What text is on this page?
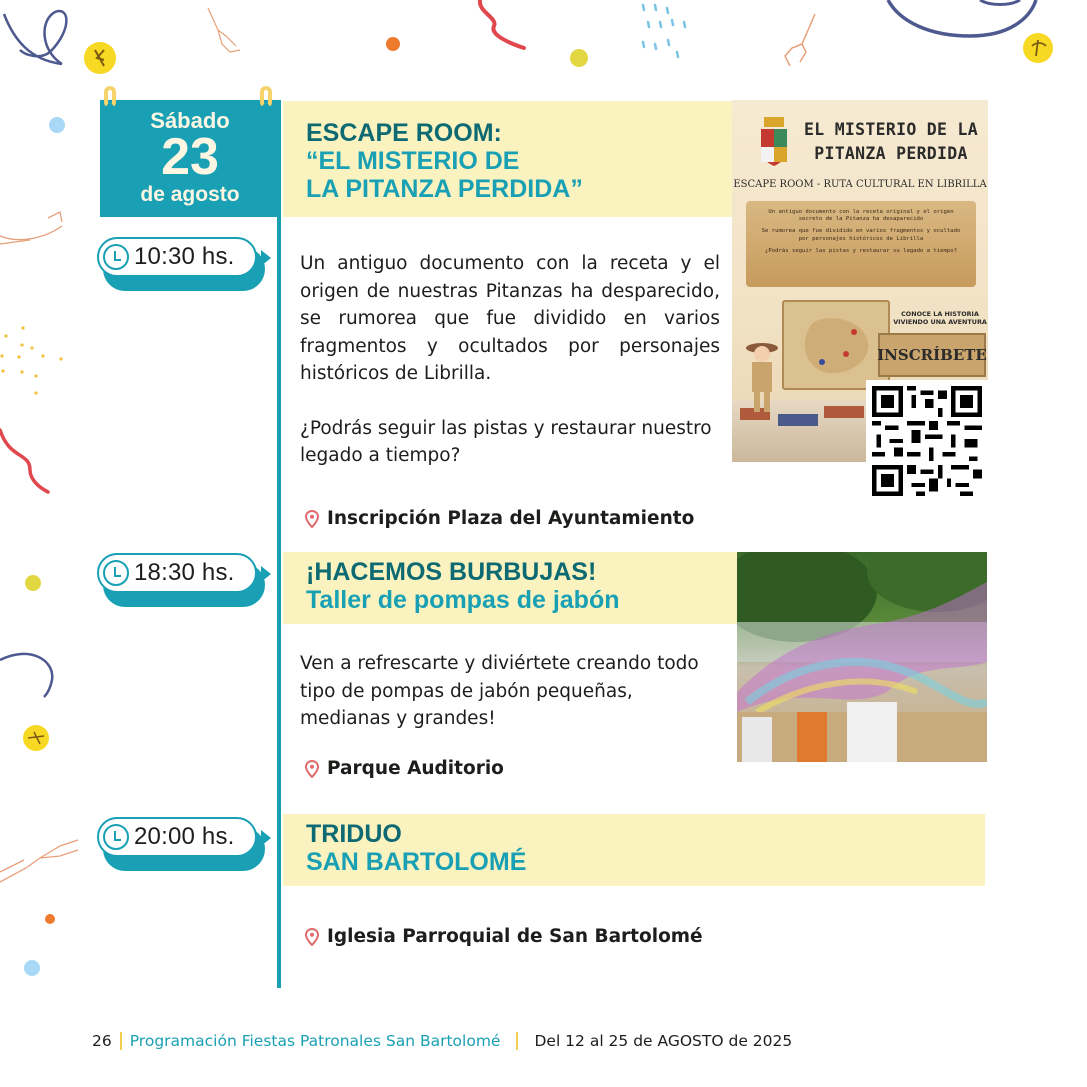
Sábado
23
de agosto
10:30 hs.
ESCAPE ROOM:
“EL MISTERIO DE
LA PITANZA PERDIDA”

Un antiguo documento con la receta y el origen de nuestras Pitanzas ha desparecido, se rumorea que fue dividido en varios fragmentos y ocultados por personajes históricos de Librilla.

¿Podrás seguir las pistas y restaurar nuestro legado a tiempo?

Inscripción Plaza del Ayuntamiento
EL MISTERIO DE LA PITANZA PERDIDA
ESCAPE ROOM - RUTA CULTURAL EN LIBRILLA

Un antiguo documento con la receta original y el origen secreto de la Pitanza ha desaparecido

Se rumorea que fue dividido en varios fragmentos y ocultado por personajes históricos de Librilla

¿Podrás seguir las pistas y restaurar su legado a tiempo?

CONOCE LA HISTORIA VIVIENDO UNA AVENTURA
INSCRÍBETE
18:30 hs.	¡HACEMOS BURBUJAS!
Taller de pompas de jabón

Ven a refrescarte y diviértete creando todo tipo de pompas de jabón pequeñas, medianas y grandes!

Parque Auditorio
20:00 hs.	TRIDUO
SAN BARTOLOMÉ
Iglesia Parroquial de San Bartolomé
26 Programación Fiestas Patronales San Bartolomé Del 12 al 25 de AGOSTO de 2025
